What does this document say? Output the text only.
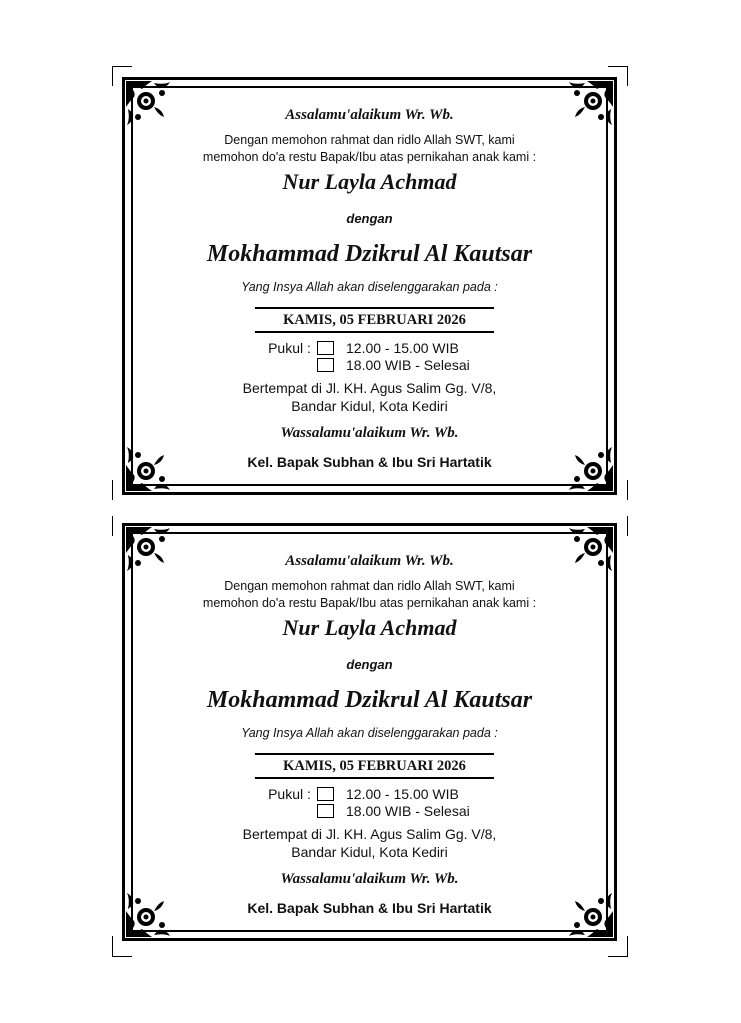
Assalamu'alaikum Wr. Wb.
Dengan memohon rahmat dan ridlo Allah SWT, kami
memohon do'a restu Bapak/Ibu atas pernikahan anak kami :
Nur Layla Achmad
dengan
Mokhammad Dzikrul Al Kautsar
Yang Insya Allah akan diselenggarakan pada :
KAMIS, 05 FEBRUARI 2026
Pukul :	12.00 - 15.00 WIB
18.00 WIB - Selesai
Bertempat di Jl. KH. Agus Salim Gg. V/8,
Bandar Kidul, Kota Kediri
Wassalamu'alaikum Wr. Wb.
Kel. Bapak Subhan & Ibu Sri Hartatik
Assalamu'alaikum Wr. Wb.
Dengan memohon rahmat dan ridlo Allah SWT, kami
memohon do'a restu Bapak/Ibu atas pernikahan anak kami :
Nur Layla Achmad
dengan
Mokhammad Dzikrul Al Kautsar
Yang Insya Allah akan diselenggarakan pada :
KAMIS, 05 FEBRUARI 2026
Pukul :	12.00 - 15.00 WIB
18.00 WIB - Selesai
Bertempat di Jl. KH. Agus Salim Gg. V/8,
Bandar Kidul, Kota Kediri
Wassalamu'alaikum Wr. Wb.
Kel. Bapak Subhan & Ibu Sri Hartatik
